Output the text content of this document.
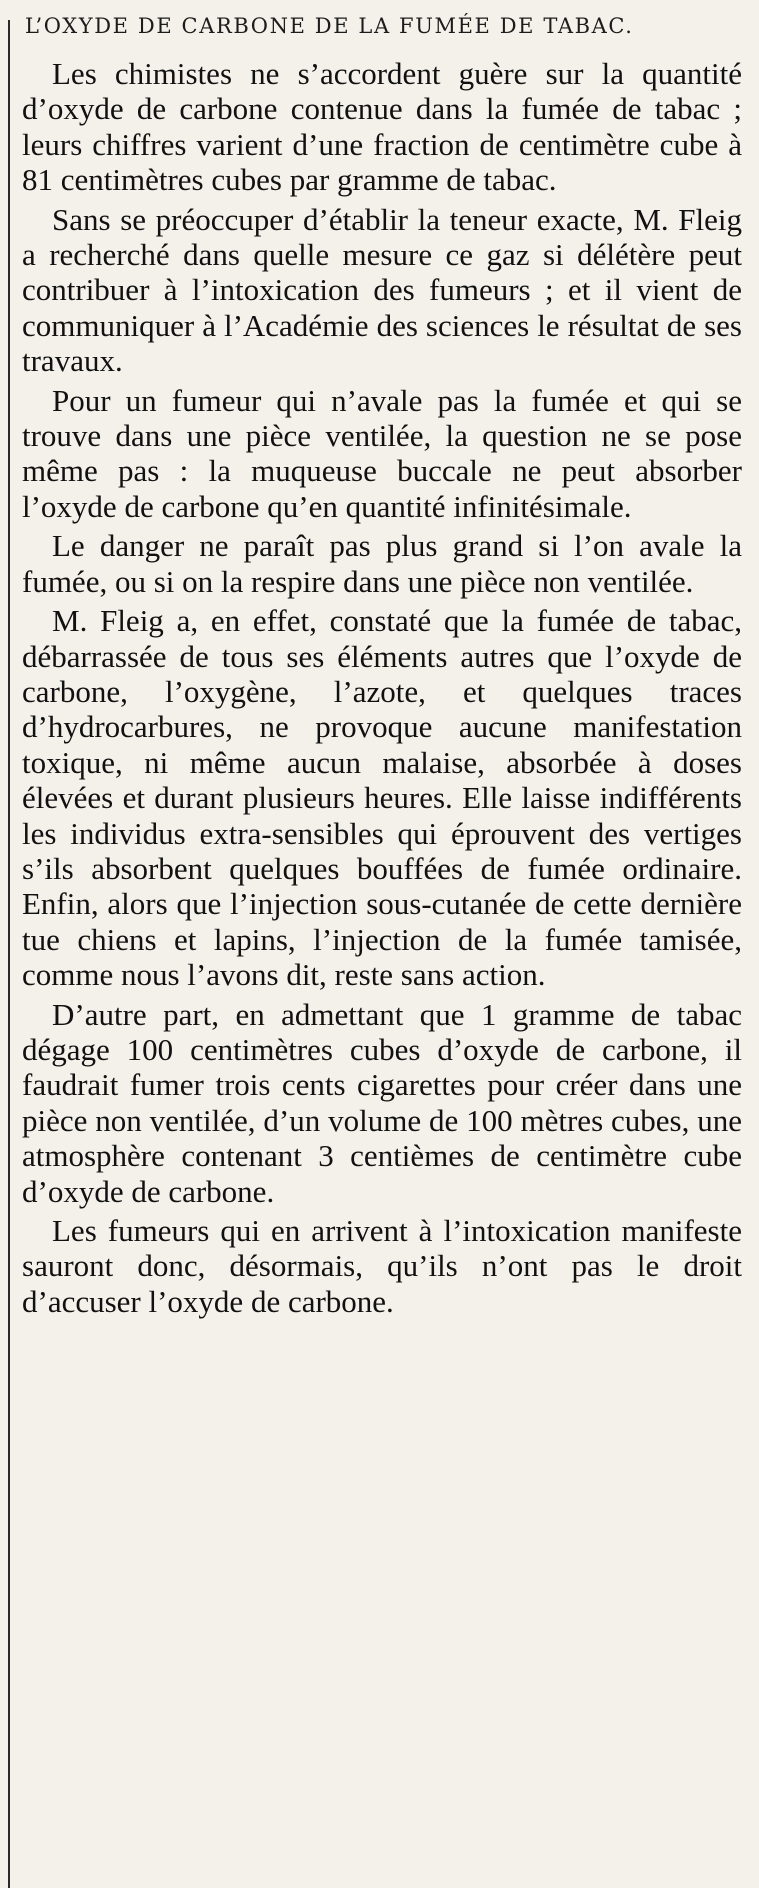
L’OXYDE DE CARBONE DE LA FUMÉE DE TABAC.

Les chimistes ne s’accordent guère sur la quantité d’oxyde de carbone contenue dans la fumée de tabac ; leurs chiffres varient d’une fraction de centimètre cube à 81 centimètres cubes par gramme de tabac.

Sans se préoccuper d’établir la teneur exacte, M. Fleig a recherché dans quelle mesure ce gaz si délétère peut contribuer à l’intoxication des fumeurs ; et il vient de communiquer à l’Académie des sciences le résultat de ses travaux.

Pour un fumeur qui n’avale pas la fumée et qui se trouve dans une pièce ventilée, la question ne se pose même pas : la muqueuse buccale ne peut absorber l’oxyde de carbone qu’en quantité infinitésimale.

Le danger ne paraît pas plus grand si l’on avale la fumée, ou si on la respire dans une pièce non ventilée.

M. Fleig a, en effet, constaté que la fumée de tabac, débarrassée de tous ses éléments autres que l’oxyde de carbone, l’oxygène, l’azote, et quelques traces d’hydrocarbures, ne provoque aucune manifestation toxique, ni même aucun malaise, absorbée à doses élevées et durant plusieurs heures. Elle laisse indifférents les individus extra-sensibles qui éprouvent des vertiges s’ils absorbent quelques bouffées de fumée ordinaire. Enfin, alors que l’injection sous-cutanée de cette dernière tue chiens et lapins, l’injection de la fumée tamisée, comme nous l’avons dit, reste sans action.

D’autre part, en admettant que 1 gramme de tabac dégage 100 centimètres cubes d’oxyde de carbone, il faudrait fumer trois cents cigarettes pour créer dans une pièce non ventilée, d’un volume de 100 mètres cubes, une atmosphère contenant 3 centièmes de centimètre cube d’oxyde de carbone.

Les fumeurs qui en arrivent à l’intoxication manifeste sauront donc, désormais, qu’ils n’ont pas le droit d’accuser l’oxyde de carbone.
